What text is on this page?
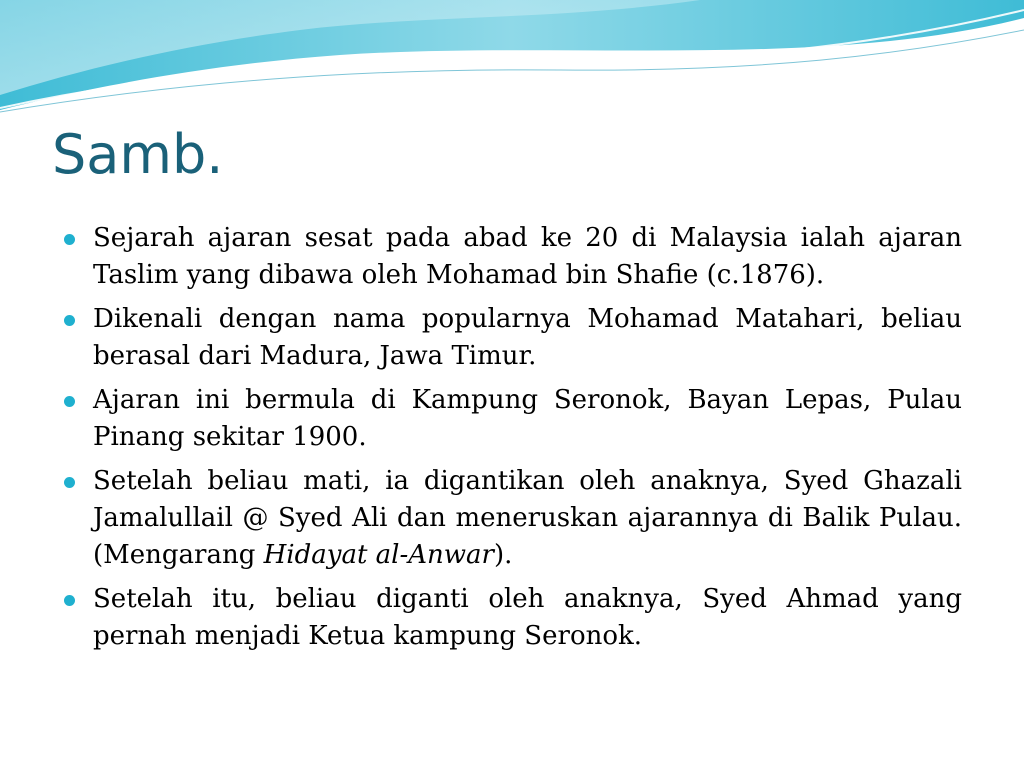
Samb.
Sejarah ajaran sesat pada abad ke 20 di Malaysia ialah ajaran Taslim yang dibawa oleh Mohamad bin Shafie (c.1876).
Dikenali dengan nama popularnya Mohamad Matahari, beliau berasal dari Madura, Jawa Timur.
Ajaran ini bermula di Kampung Seronok, Bayan Lepas, Pulau Pinang sekitar 1900.
Setelah beliau mati, ia digantikan oleh anaknya, Syed Ghazali Jamalullail @ Syed Ali dan meneruskan ajarannya di Balik Pulau. (Mengarang Hidayat al-Anwar).
Setelah itu, beliau diganti oleh anaknya, Syed Ahmad yang pernah menjadi Ketua kampung Seronok.
